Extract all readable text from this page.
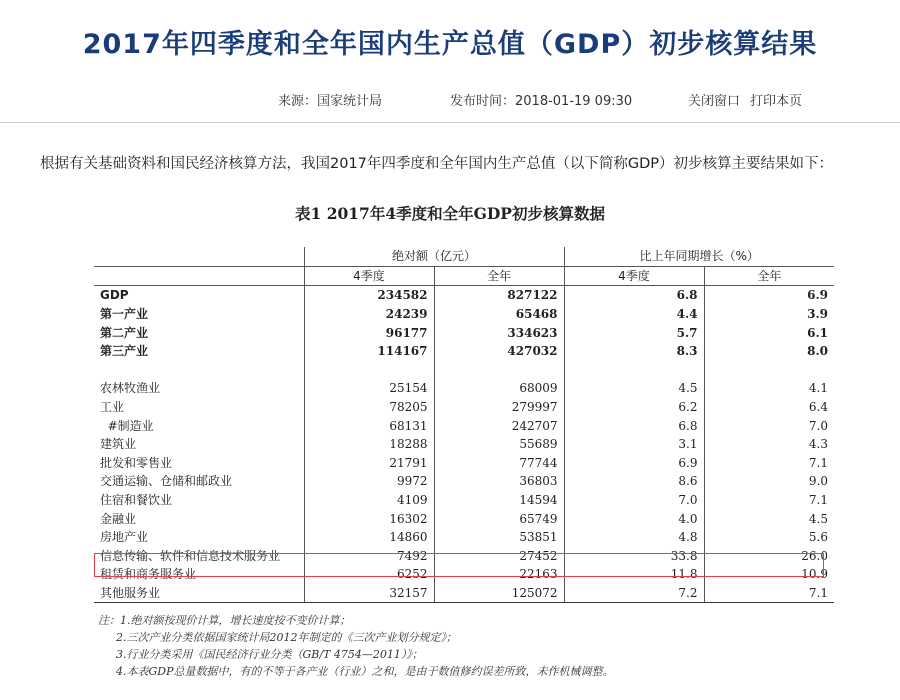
2017年四季度和全年国内生产总值（GDP）初步核算结果
来源：国家统计局	发布时间：2018-01-19 09:30	关闭窗口 打印本页
根据有关基础资料和国民经济核算方法，我国2017年四季度和全年国内生产总值（以下简称GDP）初步核算主要结果如下：
表1 2017年4季度和全年GDP初步核算数据
	绝对额（亿元）		比上年同期增长（%）	
	4季度	全年	4季度	全年
GDP	234582	827122	6.8	6.9
第一产业	24239	65468	4.4	3.9
第二产业	96177	334623	5.7	6.1
第三产业	114167	427032	8.3	8.0

农林牧渔业	25154	68009	4.5	4.1
工业	78205	279997	6.2	6.4
#制造业	68131	242707	6.8	7.0
建筑业	18288	55689	3.1	4.3
批发和零售业	21791	77744	6.9	7.1
交通运输、仓储和邮政业	9972	36803	8.6	9.0
住宿和餐饮业	4109	14594	7.0	7.1
金融业	16302	65749	4.0	4.5
房地产业	14860	53851	4.8	5.6
信息传输、软件和信息技术服务业	7492	27452	33.8	26.0
租赁和商务服务业	6252	22163	11.8	10.9
其他服务业	32157	125072	7.2	7.1
注：1.绝对额按现价计算，增长速度按不变价计算；
2.三次产业分类依据国家统计局2012年制定的《三次产业划分规定》；
3.行业分类采用《国民经济行业分类（GB/T 4754—2011）》；
4.本表GDP总量数据中，有的不等于各产业（行业）之和，是由于数值修约误差所致，未作机械调整。
